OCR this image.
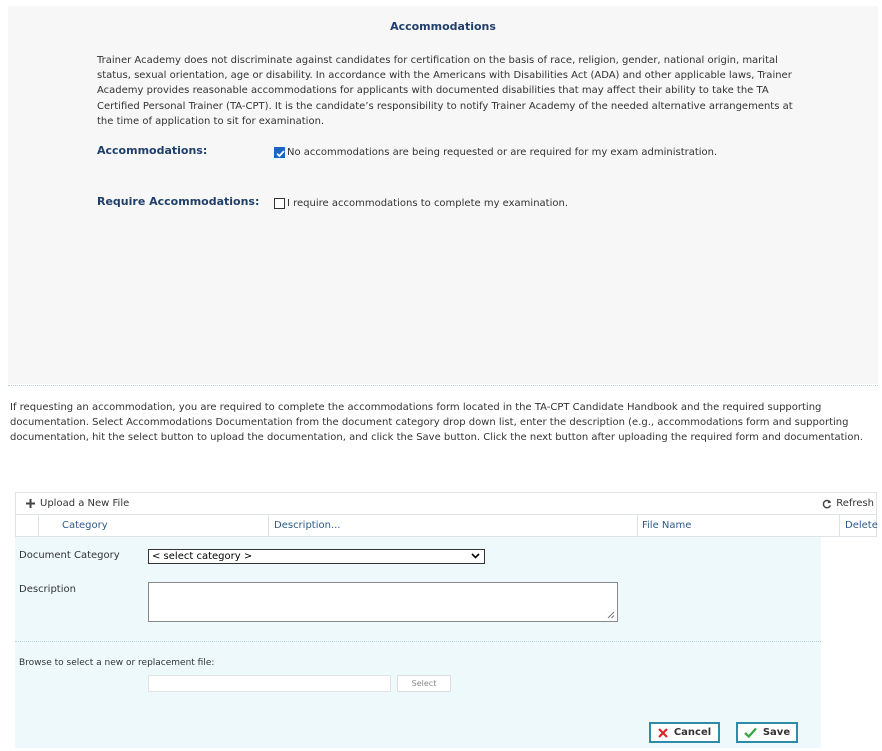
Accommodations

Trainer Academy does not discriminate against candidates for certification on the basis of race, religion, gender, national origin, marital status, sexual orientation, age or disability. In accordance with the Americans with Disabilities Act (ADA) and other applicable laws, Trainer Academy provides reasonable accommodations for applicants with documented disabilities that may affect their ability to take the TA Certified Personal Trainer (TA-CPT). It is the candidate’s responsibility to notify Trainer Academy of the needed alternative arrangements at the time of application to sit for examination.

Accommodations:	No accommodations are being requested or are required for my exam administration.
Require Accommodations:	I require accommodations to complete my examination.

If requesting an accommodation, you are required to complete the accommodations form located in the TA-CPT Candidate Handbook and the required supporting documentation. Select Accommodations Documentation from the document category drop down list, enter the description (e.g., accommodations form and supporting documentation, hit the select button to upload the documentation, and click the Save button. Click the next button after uploading the required form and documentation.

Upload a New File	Refresh
Category	Description...	File Name	Delete
Document Category	< select category >
Description
Browse to select a new or replacement file:
Select
Cancel	Save
